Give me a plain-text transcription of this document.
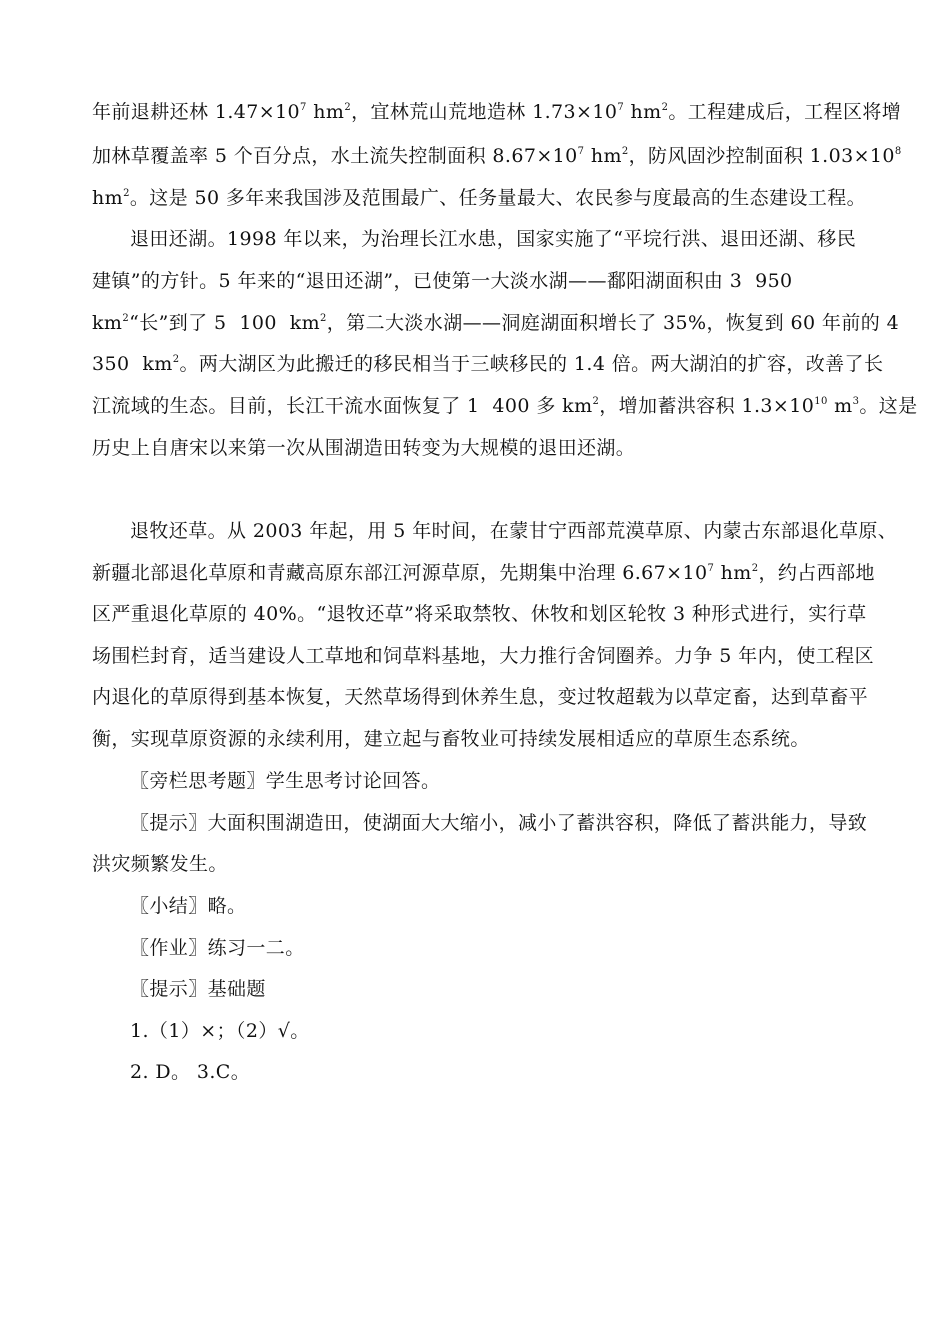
年前退耕还林 $1.47\times 10^7$ $hm^2$，宜林荒山荒地造林 $1.73\times 10^7$ $hm^2$。工程建成后，工程区将增
加林草覆盖率 5 个百分点，水土流失控制面积 $8.67\times 10^7$ $hm^2$，防风固沙控制面积 $1.03\times 10^8$
$hm^2$。这是 50 多年来我国涉及范围最广、任务量最大、农民参与度最高的生态建设工程。
退田还湖。1998 年以来，为治理长江水患，国家实施了“平垸行洪、退田还湖、移民
建镇”的方针。5 年来的“退田还湖”，已使第一大淡水湖——鄱阳湖面积由 3  950
$km^2“$长”到了 5  100  $km^2$，第二大淡水湖——洞庭湖面积增长了 35%，恢复到 60 年前的 4
350  $km^2$。两大湖区为此搬迁的移民相当于三峡移民的 1.4 倍。两大湖泊的扩容，改善了长
江流域的生态。目前，长江干流水面恢复了 1  400 多 $km^2$，增加蓄洪容积 $1.3\times 10^{10}$ $m^3$。这是
历史上自唐宋以来第一次从围湖造田转变为大规模的退田还湖。
退牧还草。从 2003 年起，用 5 年时间，在蒙甘宁西部荒漠草原、内蒙古东部退化草原、
新疆北部退化草原和青藏高原东部江河源草原，先期集中治理 $6.67\times 10^7$ $hm^2$，约占西部地
区严重退化草原的 40%。“退牧还草”将采取禁牧、休牧和划区轮牧 3 种形式进行，实行草
场围栏封育，适当建设人工草地和饲草料基地，大力推行舍饲圈养。力争 5 年内，使工程区
内退化的草原得到基本恢复，天然草场得到休养生息，变过牧超载为以草定畜，达到草畜平
衡，实现草原资源的永续利用，建立起与畜牧业可持续发展相适应的草原生态系统。
〖旁栏思考题〗学生思考讨论回答。
〖提示〗大面积围湖造田，使湖面大大缩小，减小了蓄洪容积，降低了蓄洪能力，导致
洪灾频繁发生。
〖小结〗略。
〖作业〗练习一二。
〖提示〗基础题
1.（1）×；（2）√。
2. D。 3.C。
